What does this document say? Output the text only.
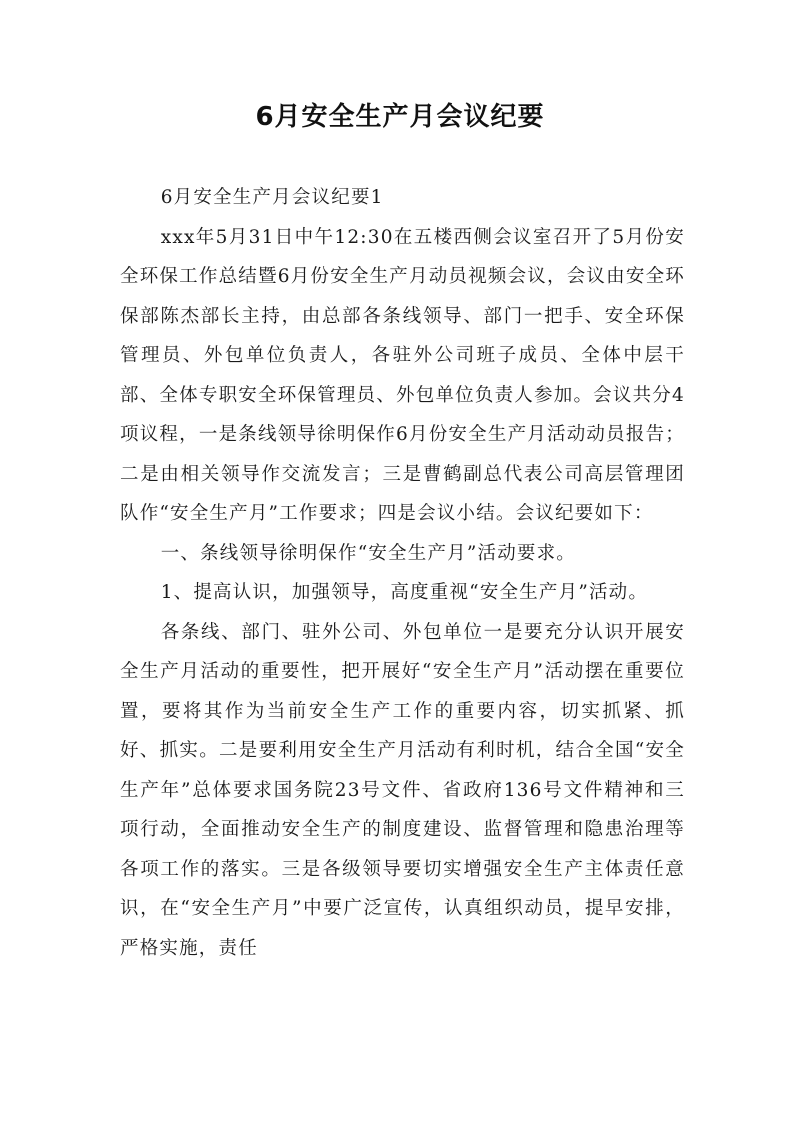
6月安全生产月会议纪要

6月安全生产月会议纪要1

xxx年5月31日中午12:30在五楼西侧会议室召开了5月份安全环保工作总结暨6月份安全生产月动员视频会议，会议由安全环保部陈杰部长主持，由总部各条线领导、部门一把手、安全环保管理员、外包单位负责人，各驻外公司班子成员、全体中层干部、全体专职安全环保管理员、外包单位负责人参加。会议共分4项议程，一是条线领导徐明保作6月份安全生产月活动动员报告；二是由相关领导作交流发言；三是曹鹤副总代表公司高层管理团队作“安全生产月”工作要求；四是会议小结。会议纪要如下：

一、条线领导徐明保作“安全生产月”活动要求。

1、提高认识，加强领导，高度重视“安全生产月”活动。

各条线、部门、驻外公司、外包单位一是要充分认识开展安全生产月活动的重要性，把开展好“安全生产月”活动摆在重要位置，要将其作为当前安全生产工作的重要内容，切实抓紧、抓好、抓实。二是要利用安全生产月活动有利时机，结合全国“安全生产年”总体要求国务院23号文件、省政府136号文件精神和三项行动，全面推动安全生产的制度建设、监督管理和隐患治理等各项工作的落实。三是各级领导要切实增强安全生产主体责任意识，在“安全生产月”中要广泛宣传，认真组织动员，提早安排，严格实施，责任
